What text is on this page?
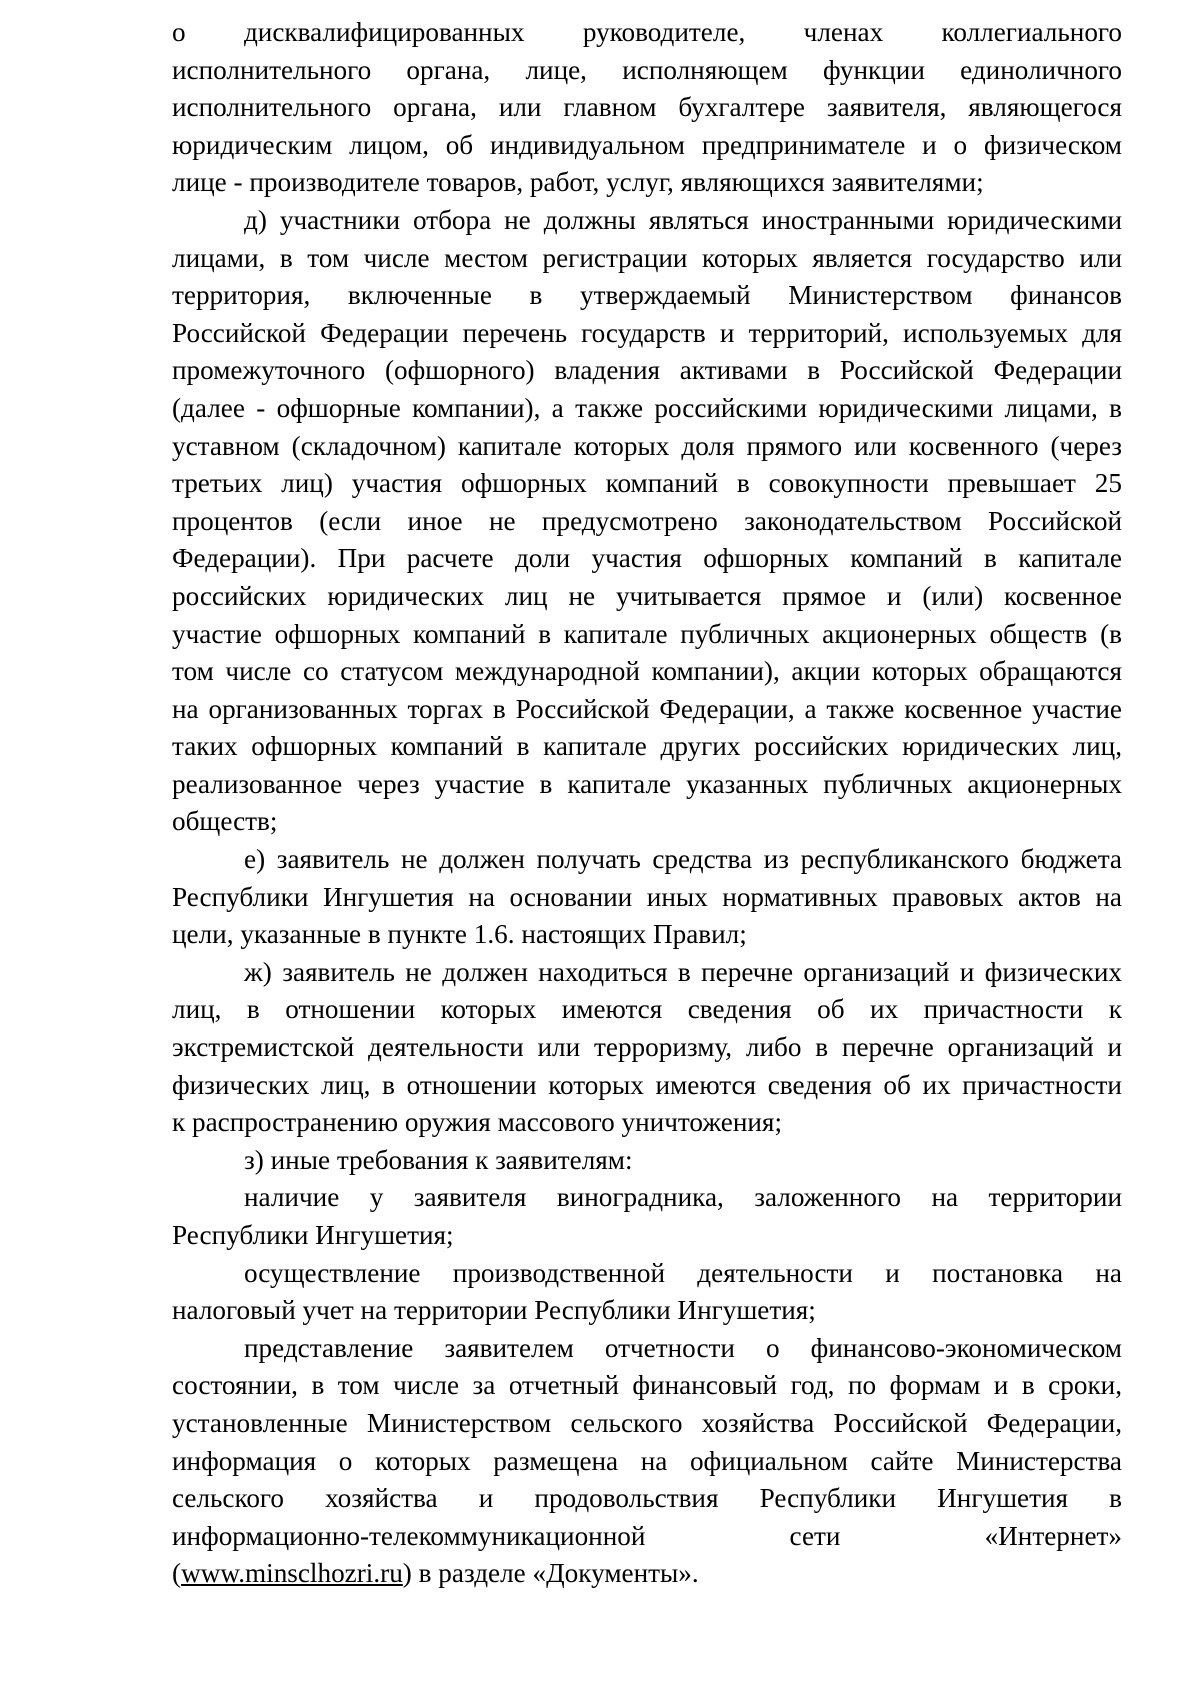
о дисквалифицированных руководителе, членах коллегиального
исполнительного органа, лице, исполняющем функции единоличного
исполнительного органа, или главном бухгалтере заявителя, являющегося
юридическим лицом, об индивидуальном предпринимателе и о физическом
лице - производителе товаров, работ, услуг, являющихся заявителями;
д) участники отбора не должны являться иностранными юридическими
лицами, в том числе местом регистрации которых является государство или
территория, включенные в утверждаемый Министерством финансов
Российской Федерации перечень государств и территорий, используемых для
промежуточного (офшорного) владения активами в Российской Федерации
(далее - офшорные компании), а также российскими юридическими лицами, в
уставном (складочном) капитале которых доля прямого или косвенного (через
третьих лиц) участия офшорных компаний в совокупности превышает 25
процентов (если иное не предусмотрено законодательством Российской
Федерации). При расчете доли участия офшорных компаний в капитале
российских юридических лиц не учитывается прямое и (или) косвенное
участие офшорных компаний в капитале публичных акционерных обществ (в
том числе со статусом международной компании), акции которых обращаются
на организованных торгах в Российской Федерации, а также косвенное участие
таких офшорных компаний в капитале других российских юридических лиц,
реализованное через участие в капитале указанных публичных акционерных
обществ;
е) заявитель не должен получать средства из республиканского бюджета
Республики Ингушетия на основании иных нормативных правовых актов на
цели, указанные в пункте 1.6. настоящих Правил;
ж) заявитель не должен находиться в перечне организаций и физических
лиц, в отношении которых имеются сведения об их причастности к
экстремистской деятельности или терроризму, либо в перечне организаций и
физических лиц, в отношении которых имеются сведения об их причастности
к распространению оружия массового уничтожения;
з) иные требования к заявителям:
наличие у заявителя виноградника, заложенного на территории
Республики Ингушетия;
осуществление производственной деятельности и постановка на
налоговый учет на территории Республики Ингушетия;
представление заявителем отчетности о финансово-экономическом
состоянии, в том числе за отчетный финансовый год, по формам и в сроки,
установленные Министерством сельского хозяйства Российской Федерации,
информация о которых размещена на официальном сайте Министерства
сельского хозяйства и продовольствия Республики Ингушетия в
информационно-телекоммуникационной сети «Интернет»
(www.minsclhozri.ru) в разделе «Документы».
